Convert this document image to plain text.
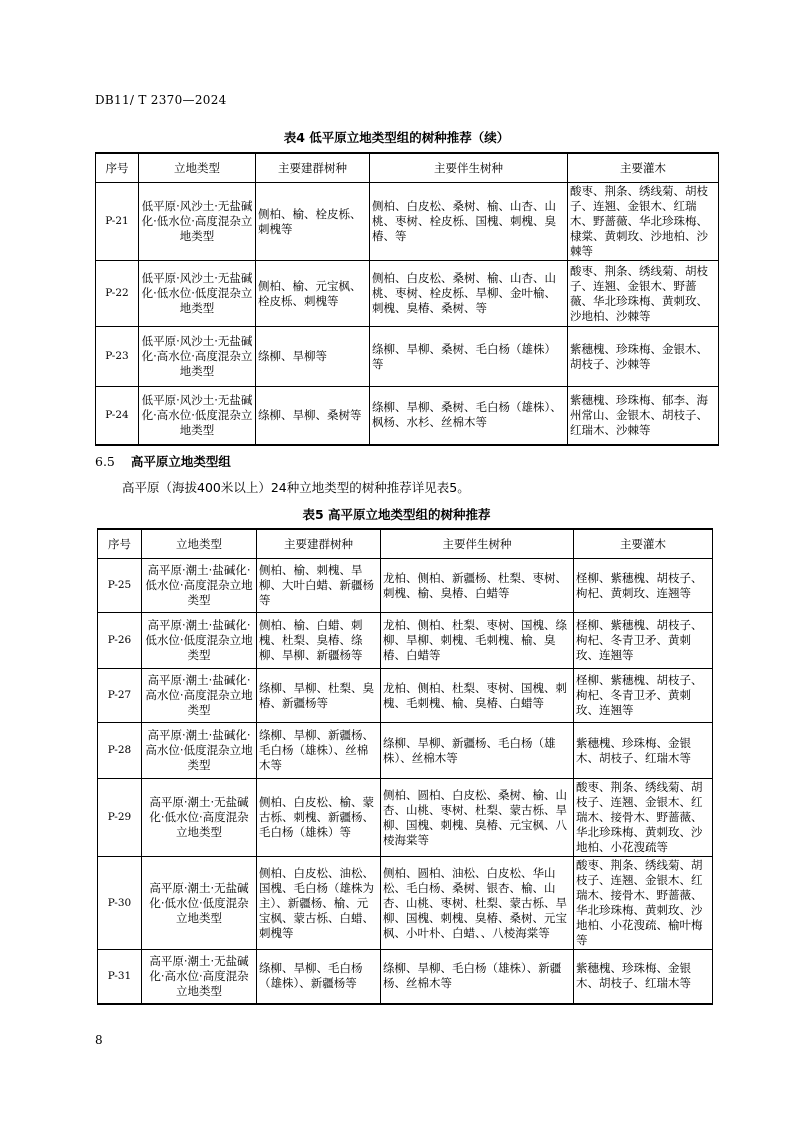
DB11/ T 2370—2024
表4 低平原立地类型组的树种推荐（续）
序号	立地类型	主要建群树种	主要伴生树种	主要灌木
P-21	低平原·风沙土·无盐碱化·低水位·高度混杂立地类型	侧柏、榆、栓皮栎、刺槐等	侧柏、白皮松、桑树、榆、山杏、山桃、枣树、栓皮栎、国槐、刺槐、臭椿、等	酸枣、荆条、绣线菊、胡枝子、连翘、金银木、红瑞木、野蔷薇、华北珍珠梅、棣棠、黄刺玫、沙地柏、沙棘等
P-22	低平原·风沙土·无盐碱化·低水位·低度混杂立地类型	侧柏、榆、元宝枫、栓皮栎、刺槐等	侧柏、白皮松、桑树、榆、山杏、山桃、枣树、栓皮栎、旱柳、金叶榆、刺槐、臭椿、桑树、等	酸枣、荆条、绣线菊、胡枝子、连翘、金银木、野蔷薇、华北珍珠梅、黄刺玫、沙地柏、沙棘等
P-23	低平原·风沙土·无盐碱化·高水位·高度混杂立地类型	绦柳、旱柳等	绦柳、旱柳、桑树、毛白杨（雄株）等	紫穗槐、珍珠梅、金银木、胡枝子、沙棘等
P-24	低平原·风沙土·无盐碱化·高水位·低度混杂立地类型	绦柳、旱柳、桑树等	绦柳、旱柳、桑树、毛白杨（雄株）、枫杨、水杉、丝棉木等	紫穗槐、珍珠梅、郁李、海州常山、金银木、胡枝子、红瑞木、沙棘等
6.5 高平原立地类型组
高平原（海拔400米以上）24种立地类型的树种推荐详见表5。
表5 高平原立地类型组的树种推荐
序号	立地类型	主要建群树种	主要伴生树种	主要灌木
P-25	高平原·潮土·盐碱化·低水位·高度混杂立地类型	侧柏、榆、刺槐、旱柳、大叶白蜡、新疆杨等	龙柏、侧柏、新疆杨、杜梨、枣树、刺槐、榆、臭椿、白蜡等	柽柳、紫穗槐、胡枝子、枸杞、黄刺玫、连翘等
P-26	高平原·潮土·盐碱化·低水位·低度混杂立地类型	侧柏、榆、白蜡、刺槐、杜梨、臭椿、绦柳、旱柳、新疆杨等	龙柏、侧柏、杜梨、枣树、国槐、绦柳、旱柳、刺槐、毛刺槐、榆、臭椿、白蜡等	柽柳、紫穗槐、胡枝子、枸杞、冬青卫矛、黄刺玫、连翘等
P-27	高平原·潮土·盐碱化·高水位·高度混杂立地类型	绦柳、旱柳、杜梨、臭椿、新疆杨等	龙柏、侧柏、杜梨、枣树、国槐、刺槐、毛刺槐、榆、臭椿、白蜡等	柽柳、紫穗槐、胡枝子、枸杞、冬青卫矛、黄刺玫、连翘等
P-28	高平原·潮土·盐碱化·高水位·低度混杂立地类型	绦柳、旱柳、新疆杨、毛白杨（雄株）、丝棉木等	绦柳、旱柳、新疆杨、毛白杨（雄株）、丝棉木等	紫穗槐、珍珠梅、金银木、胡枝子、红瑞木等
P-29	高平原·潮土·无盐碱化·低水位·高度混杂立地类型	侧柏、白皮松、榆、蒙古栎、刺槐、新疆杨、毛白杨（雄株）等	侧柏、圆柏、白皮松、桑树、榆、山杏、山桃、枣树、杜梨、蒙古栎、旱柳、国槐、刺槐、臭椿、元宝枫、八棱海棠等	酸枣、荆条、绣线菊、胡枝子、连翘、金银木、红瑞木、接骨木、野蔷薇、华北珍珠梅、黄刺玫、沙地柏、小花溲疏等
P-30	高平原·潮土·无盐碱化·低水位·低度混杂立地类型	侧柏、白皮松、油松、国槐、毛白杨（雄株为主）、新疆杨、榆、元宝枫、蒙古栎、白蜡、刺槐等	侧柏、圆柏、油松、白皮松、华山松、毛白杨、桑树、银杏、榆、山杏、山桃、枣树、杜梨、蒙古栎、旱柳、国槐、刺槐、臭椿、桑树、元宝枫、小叶朴、白蜡、、八棱海棠等	酸枣、荆条、绣线菊、胡枝子、连翘、金银木、红瑞木、接骨木、野蔷薇、华北珍珠梅、黄刺玫、沙地柏、小花溲疏、榆叶梅等
P-31	高平原·潮土·无盐碱化·高水位·高度混杂立地类型	绦柳、旱柳、毛白杨（雄株）、新疆杨等	绦柳、旱柳、毛白杨（雄株）、新疆杨、丝棉木等	紫穗槐、珍珠梅、金银木、胡枝子、红瑞木等
8
